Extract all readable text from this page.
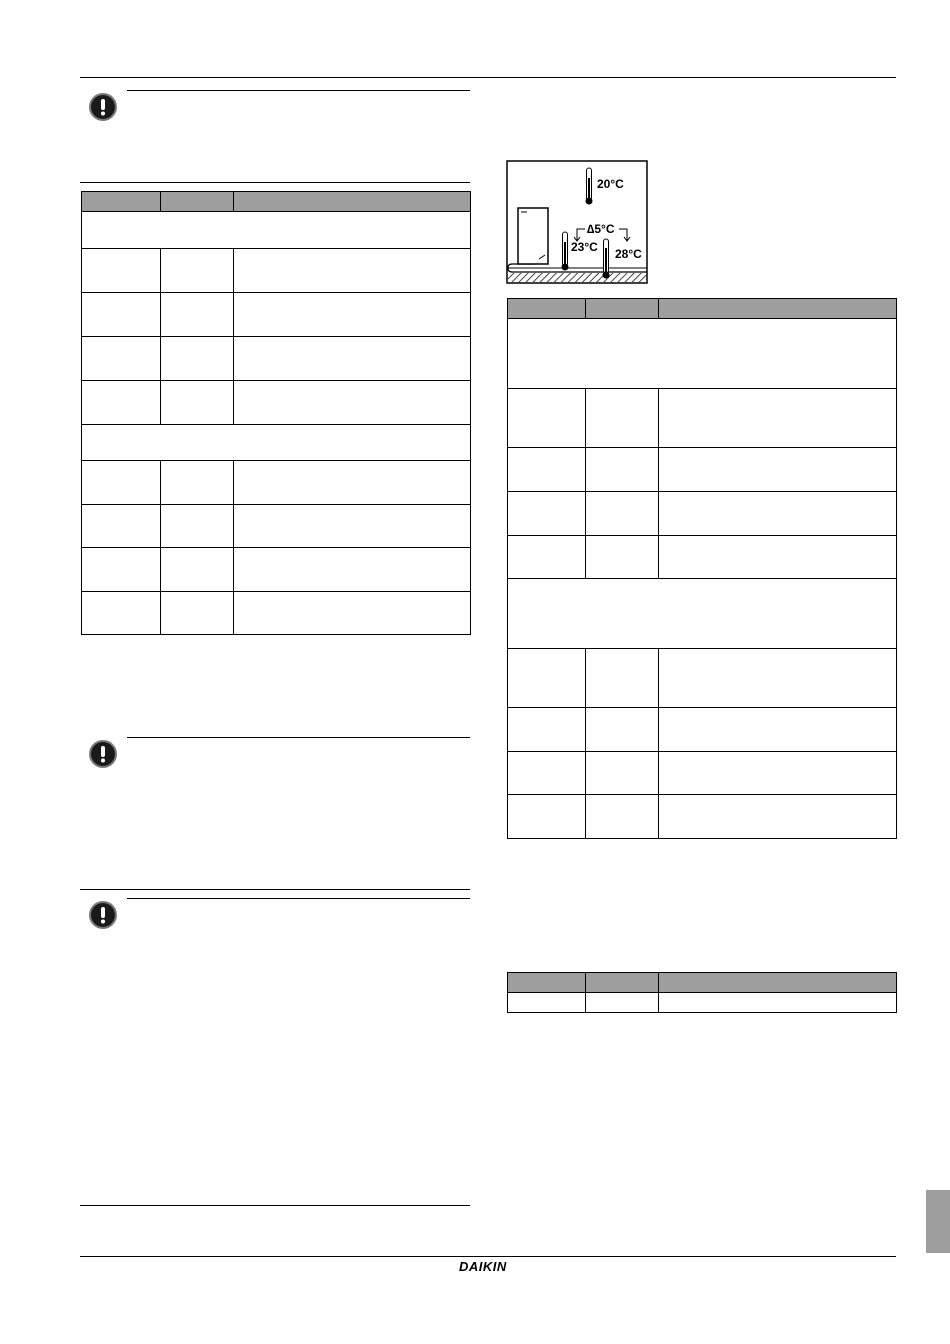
20°C
∆5°C
23°C 28°C

DAIKIN
